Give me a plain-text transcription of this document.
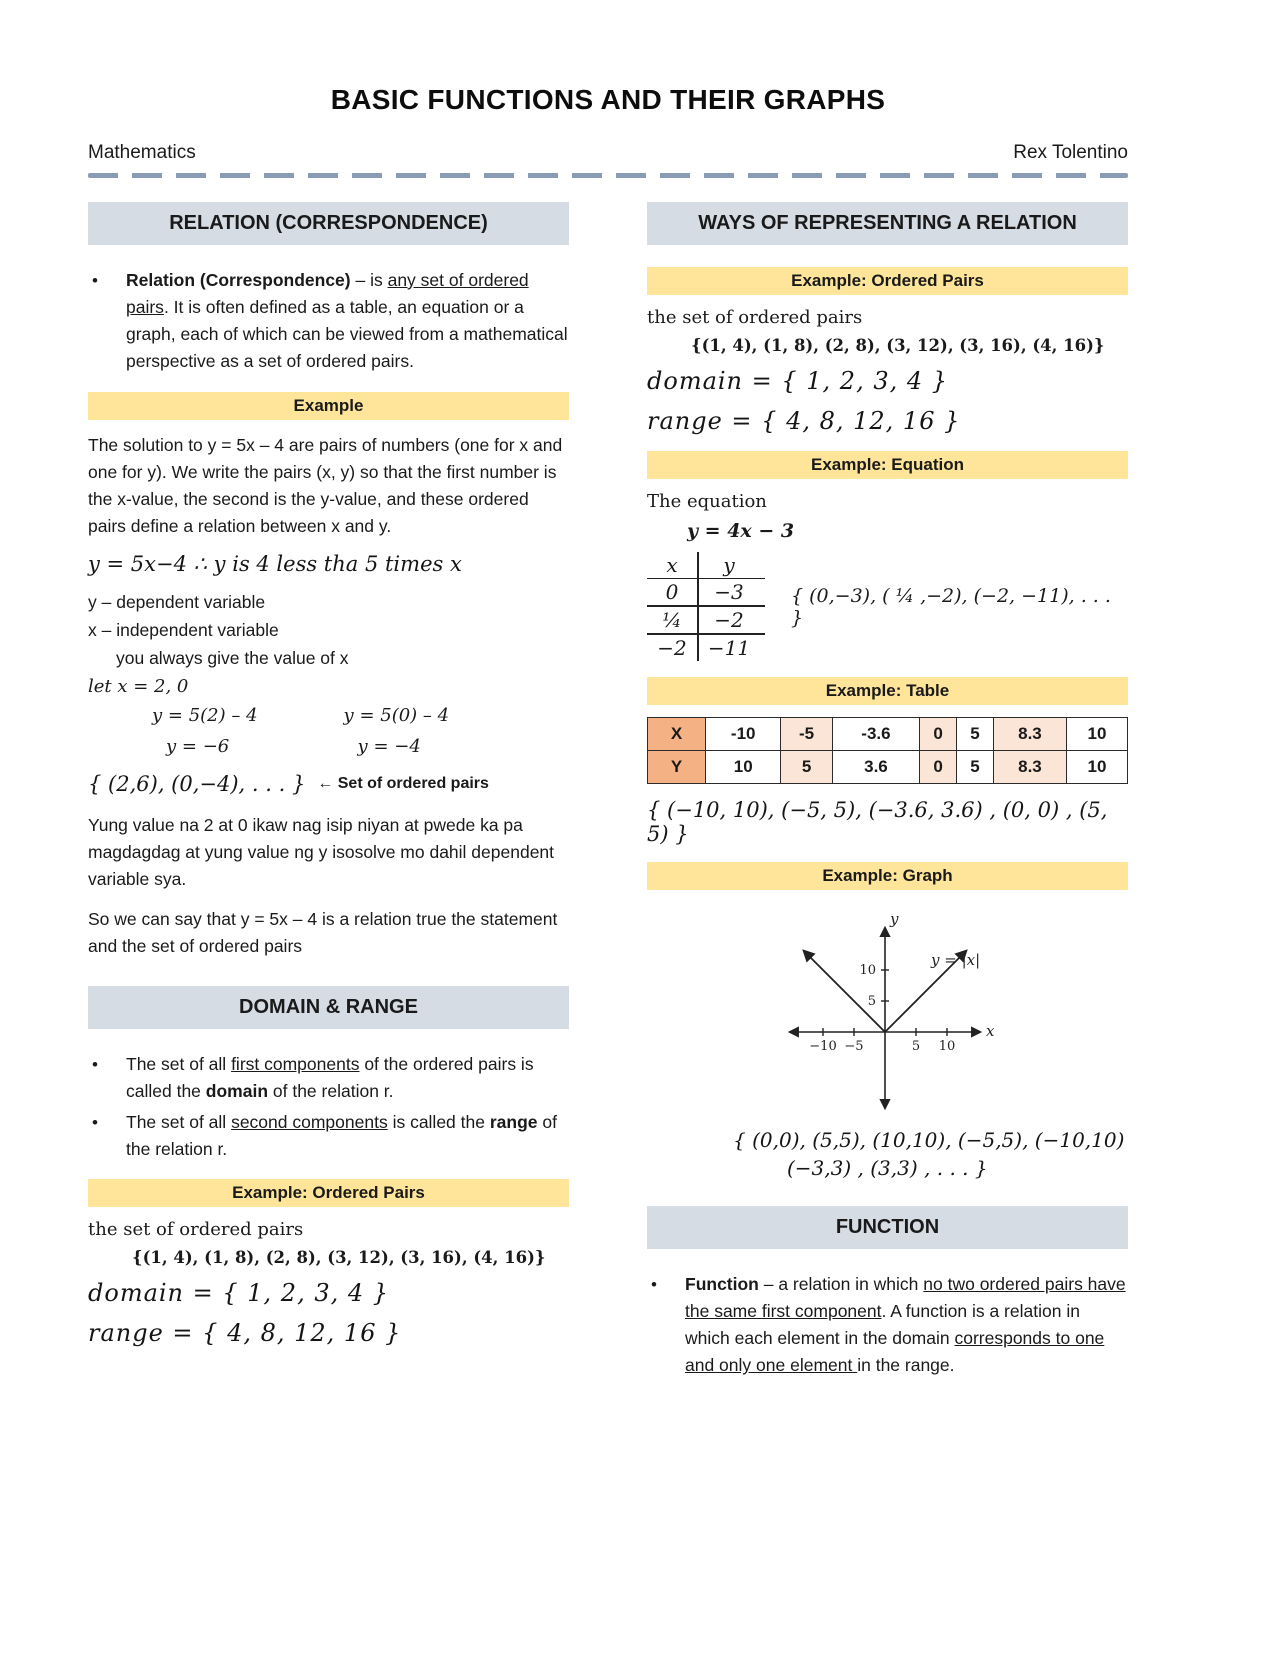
BASIC FUNCTIONS AND THEIR GRAPHS
Mathematics	Rex Tolentino
RELATION (CORRESPONDENCE)
• Relation (Correspondence) – is any set of ordered pairs. It is often defined as a table, an equation or a graph, each of which can be viewed from a mathematical perspective as a set of ordered pairs.
Example

The solution to y = 5x – 4 are pairs of numbers (one for x and one for y). We write the pairs (x, y) so that the first number is the x-value, the second is the y-value, and these ordered pairs define a relation between x and y.

y = 5x−4 ∴ y is 4 less tha 5 times x
y – dependent variable
x – independent variable
you always give the value of x
let x = 2, 0
y = 5(2) – 4
y = −6
y = 5(0) – 4
y = −4
{ (2,6), (0,−4), . . . } ← Set of ordered pairs

Yung value na 2 at 0 ikaw nag isip niyan at pwede ka pa magdagdag at yung value ng y isosolve mo dahil dependent variable sya.

So we can say that y = 5x – 4 is a relation true the statement and the set of ordered pairs

DOMAIN & RANGE
• The set of all first components of the ordered pairs is called the domain of the relation r.
• The set of all second components is called the range of the relation r.
Example: Ordered Pairs
the set of ordered pairs
{(1, 4), (1, 8), (2, 8), (3, 12), (3, 16), (4, 16)}
domain = { 1, 2, 3, 4 }
range = { 4, 8, 12, 16 }
WAYS OF REPRESENTING A RELATION
Example: Ordered Pairs
the set of ordered pairs
{(1, 4), (1, 8), (2, 8), (3, 12), (3, 16), (4, 16)}
domain = { 1, 2, 3, 4 }
range = { 4, 8, 12, 16 }
Example: Equation
The equation
y = 4x − 3
x	y
0	−3
¼	−2
−2	−11
{ (0,−3), ( ¼ ,−2), (−2, −11), . . . }
Example: Table
X	-10	-5	-3.6	0	5	8.3	10
Y	10	5	3.6	0	5	8.3	10
{ (−10, 10), (−5, 5), (−3.6, 3.6) , (0, 0) , (5, 5) }
Example: Graph
−10 −5	5 10
5
10
x
y
y = |x|
{ (0,0), (5,5), (10,10), (−5,5), (−10,10)
(−3,3) , (3,3) , . . . }
FUNCTION
• Function – a relation in which no two ordered pairs have the same first component. A function is a relation in which each element in the domain corresponds to one and only one element in the range.
